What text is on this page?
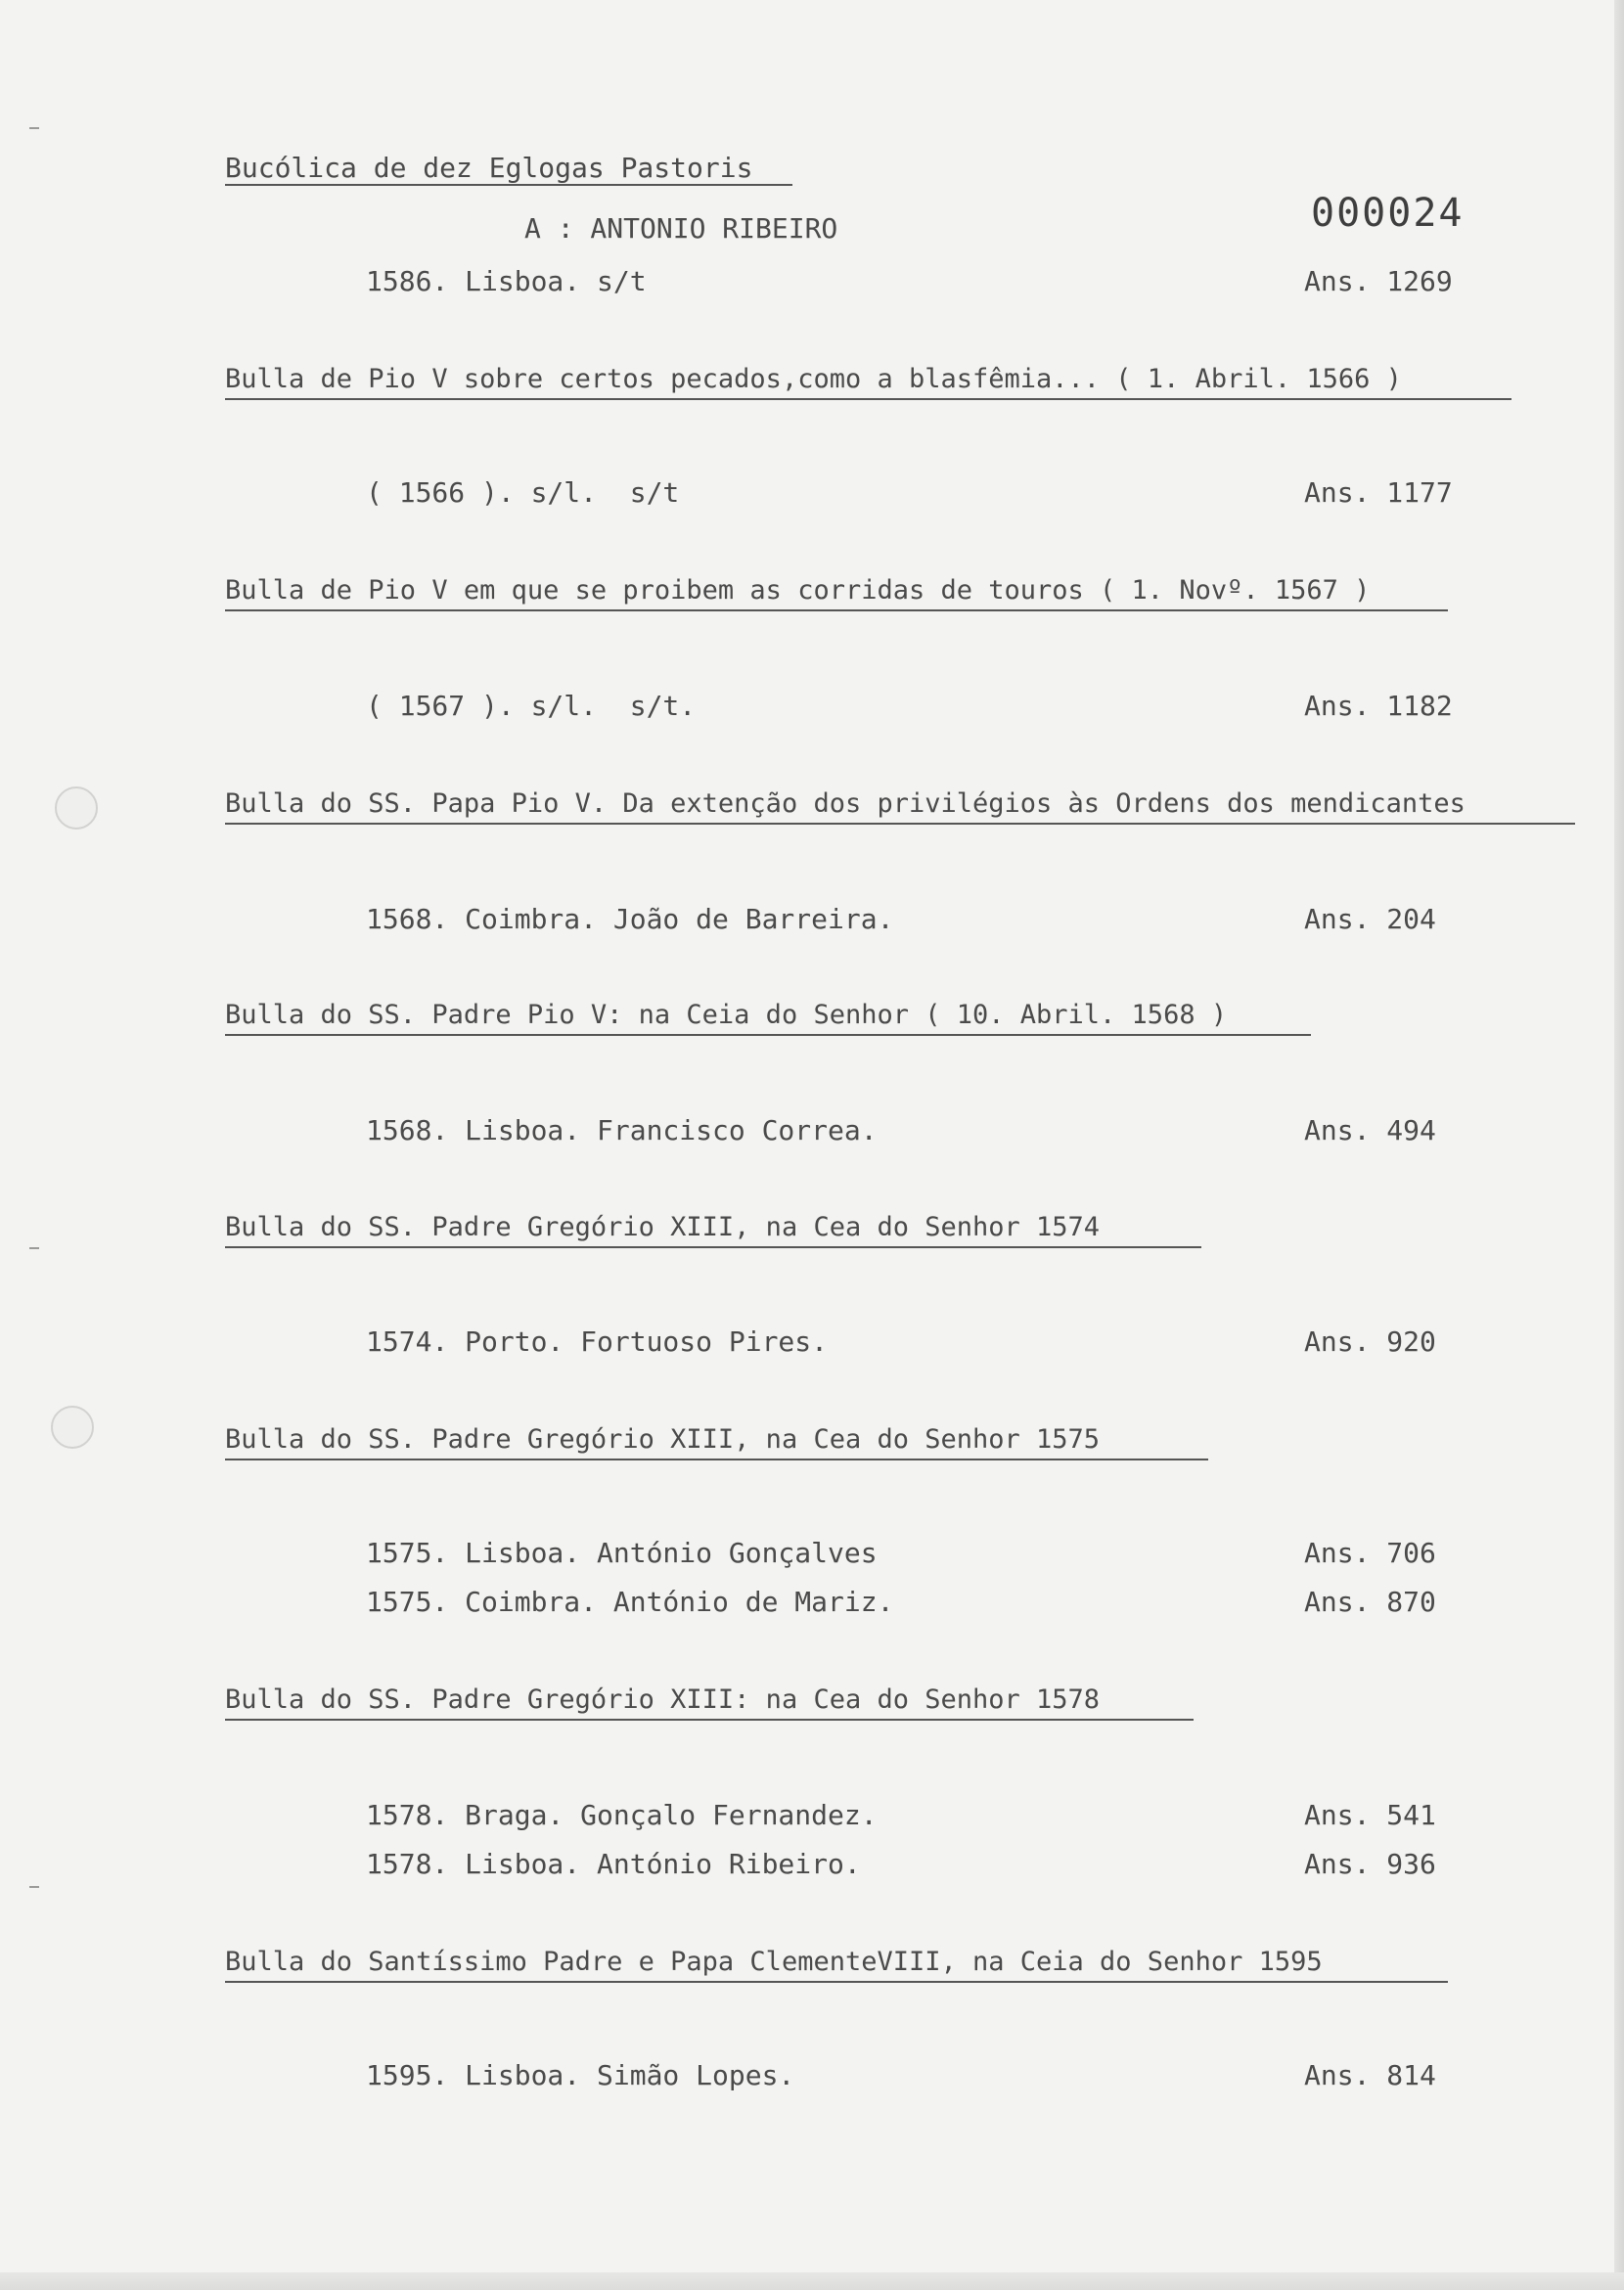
000024
Bucólica de dez Eglogas Pastoris
A : ANTONIO RIBEIRO
1586. Lisboa. s/t	Ans. 1269
Bulla de Pio V sobre certos pecados,como a blasfêmia... ( 1. Abril. 1566 )
( 1566 ). s/l.  s/t	Ans. 1177
Bulla de Pio V em que se proibem as corridas de touros ( 1. Novº. 1567 )
( 1567 ). s/l.  s/t.	Ans. 1182
Bulla do SS. Papa Pio V. Da extenção dos privilégios às Ordens dos mendicantes
1568. Coimbra. João de Barreira.	Ans. 204
Bulla do SS. Padre Pio V: na Ceia do Senhor ( 10. Abril. 1568 )
1568. Lisboa. Francisco Correa.	Ans. 494
Bulla do SS. Padre Gregório XIII, na Cea do Senhor 1574
1574. Porto. Fortuoso Pires.	Ans. 920
Bulla do SS. Padre Gregório XIII, na Cea do Senhor 1575
1575. Lisboa. António Gonçalves	Ans. 706
1575. Coimbra. António de Mariz.	Ans. 870
Bulla do SS. Padre Gregório XIII: na Cea do Senhor 1578
1578. Braga. Gonçalo Fernandez.	Ans. 541
1578. Lisboa. António Ribeiro.	Ans. 936
Bulla do Santíssimo Padre e Papa ClementeVIII, na Ceia do Senhor 1595
1595. Lisboa. Simão Lopes.	Ans. 814
